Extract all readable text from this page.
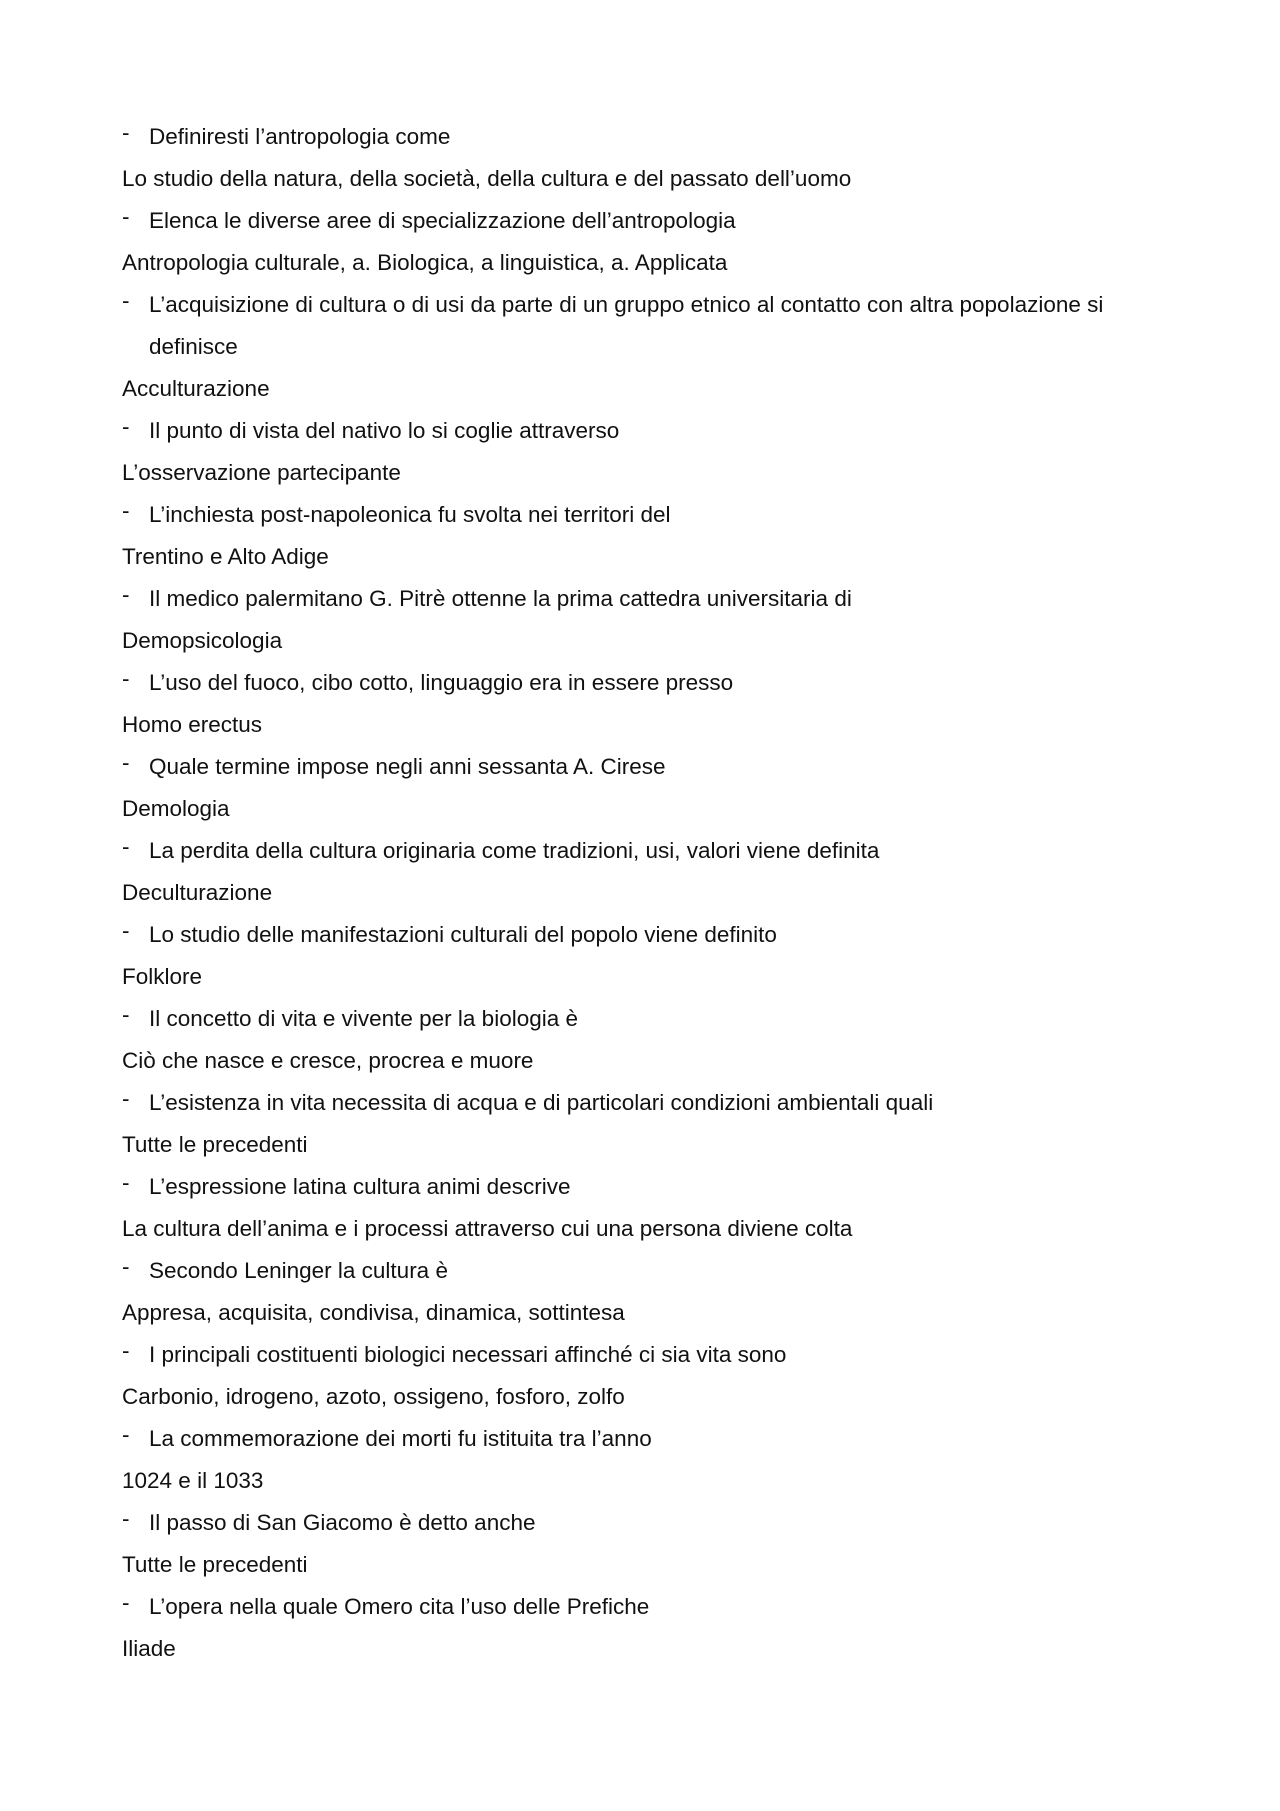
- Definiresti l’antropologia come

Lo studio della natura, della società, della cultura e del passato dell’uomo

- Elenca le diverse aree di specializzazione dell’antropologia

Antropologia culturale, a. Biologica, a linguistica, a. Applicata

- L’acquisizione di cultura o di usi da parte di un gruppo etnico al contatto con altra popolazione si definisce

Acculturazione

- Il punto di vista del nativo lo si coglie attraverso

L’osservazione partecipante

- L’inchiesta post-napoleonica fu svolta nei territori del

Trentino e Alto Adige

- Il medico palermitano G. Pitrè ottenne la prima cattedra universitaria di

Demopsicologia

- L’uso del fuoco, cibo cotto, linguaggio era in essere presso

Homo erectus

- Quale termine impose negli anni sessanta A. Cirese

Demologia

- La perdita della cultura originaria come tradizioni, usi, valori viene definita

Deculturazione

- Lo studio delle manifestazioni culturali del popolo viene definito

Folklore

- Il concetto di vita e vivente per la biologia è

Ciò che nasce e cresce, procrea e muore

- L’esistenza in vita necessita di acqua e di particolari condizioni ambientali quali

Tutte le precedenti

- L’espressione latina cultura animi descrive

La cultura dell’anima e i processi attraverso cui una persona diviene colta

- Secondo Leninger la cultura è

Appresa, acquisita, condivisa, dinamica, sottintesa

- I principali costituenti biologici necessari affinché ci sia vita sono

Carbonio, idrogeno, azoto, ossigeno, fosforo, zolfo

- La commemorazione dei morti fu istituita tra l’anno

1024 e il 1033

- Il passo di San Giacomo è detto anche

Tutte le precedenti

- L’opera nella quale Omero cita l’uso delle Prefiche

Iliade
